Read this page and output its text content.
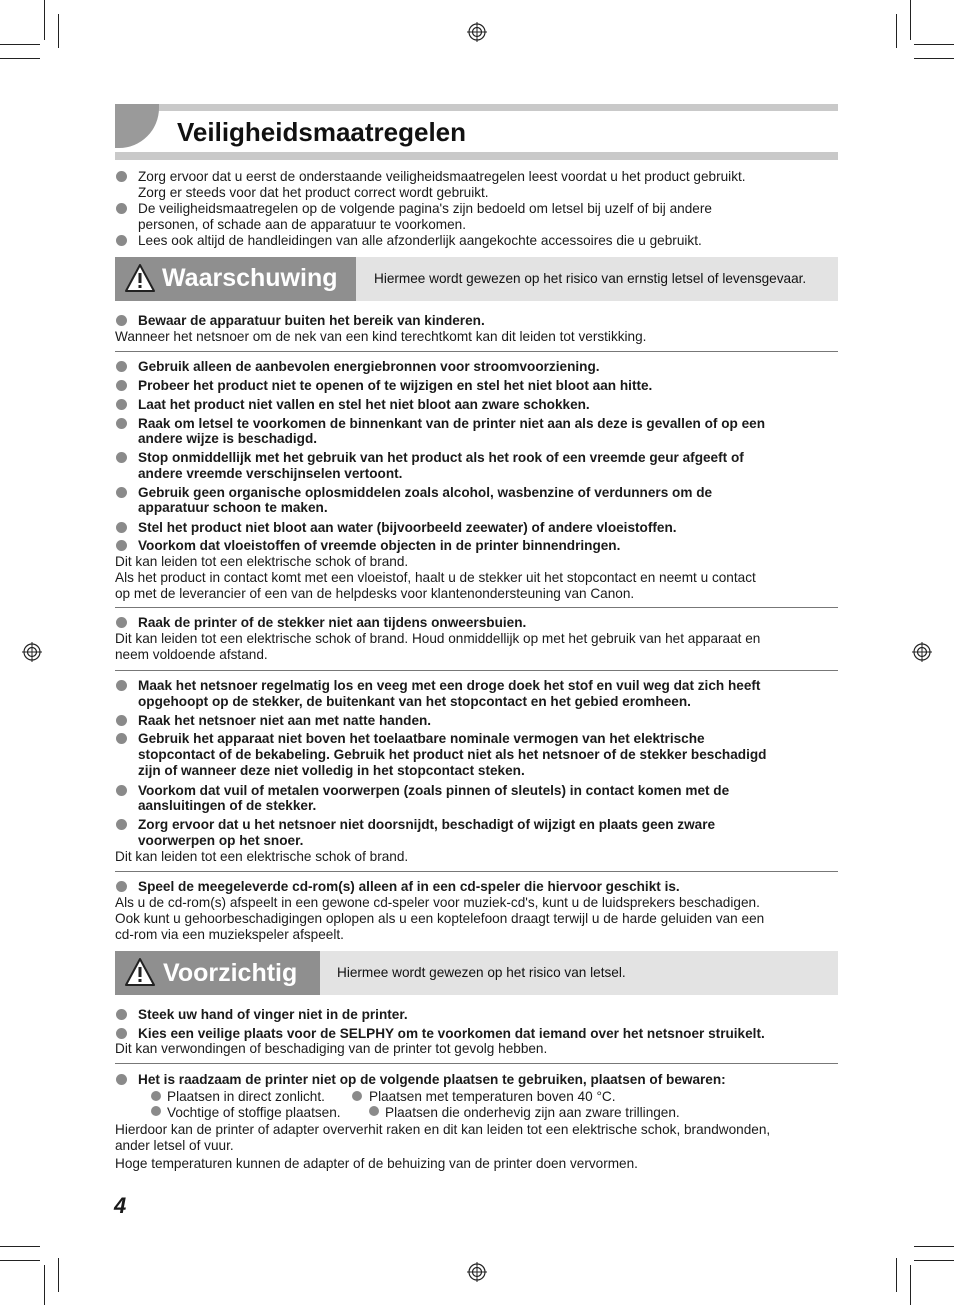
Veiligheidsmaatregelen
Zorg ervoor dat u eerst de onderstaande veiligheidsmaatregelen leest voordat u het product gebruikt.
Zorg er steeds voor dat het product correct wordt gebruikt.
De veiligheidsmaatregelen op de volgende pagina's zijn bedoeld om letsel bij uzelf of bij andere
personen, of schade aan de apparatuur te voorkomen.
Lees ook altijd de handleidingen van alle afzonderlijk aangekochte accessoires die u gebruikt.
Waarschuwing	Hiermee wordt gewezen op het risico van ernstig letsel of levensgevaar.
Bewaar de apparatuur buiten het bereik van kinderen.
Wanneer het netsnoer om de nek van een kind terechtkomt kan dit leiden tot verstikking.
Gebruik alleen de aanbevolen energiebronnen voor stroomvoorziening.
Probeer het product niet te openen of te wijzigen en stel het niet bloot aan hitte.
Laat het product niet vallen en stel het niet bloot aan zware schokken.
Raak om letsel te voorkomen de binnenkant van de printer niet aan als deze is gevallen of op een
andere wijze is beschadigd.
Stop onmiddellijk met het gebruik van het product als het rook of een vreemde geur afgeeft of
andere vreemde verschijnselen vertoont.
Gebruik geen organische oplosmiddelen zoals alcohol, wasbenzine of verdunners om de
apparatuur schoon te maken.
Stel het product niet bloot aan water (bijvoorbeeld zeewater) of andere vloeistoffen.
Voorkom dat vloeistoffen of vreemde objecten in de printer binnendringen.
Dit kan leiden tot een elektrische schok of brand.
Als het product in contact komt met een vloeistof, haalt u de stekker uit het stopcontact en neemt u contact
op met de leverancier of een van de helpdesks voor klantenondersteuning van Canon.
Raak de printer of de stekker niet aan tijdens onweersbuien.
Dit kan leiden tot een elektrische schok of brand. Houd onmiddellijk op met het gebruik van het apparaat en
neem voldoende afstand.
Maak het netsnoer regelmatig los en veeg met een droge doek het stof en vuil weg dat zich heeft
opgehoopt op de stekker, de buitenkant van het stopcontact en het gebied eromheen.
Raak het netsnoer niet aan met natte handen.
Gebruik het apparaat niet boven het toelaatbare nominale vermogen van het elektrische
stopcontact of de bekabeling. Gebruik het product niet als het netsnoer of de stekker beschadigd
zijn of wanneer deze niet volledig in het stopcontact steken.
Voorkom dat vuil of metalen voorwerpen (zoals pinnen of sleutels) in contact komen met de
aansluitingen of de stekker.
Zorg ervoor dat u het netsnoer niet doorsnijdt, beschadigt of wijzigt en plaats geen zware
voorwerpen op het snoer.
Dit kan leiden tot een elektrische schok of brand.
Speel de meegeleverde cd-rom(s) alleen af in een cd-speler die hiervoor geschikt is.
Als u de cd-rom(s) afspeelt in een gewone cd-speler voor muziek-cd's, kunt u de luidsprekers beschadigen.
Ook kunt u gehoorbeschadigingen oplopen als u een koptelefoon draagt terwijl u de harde geluiden van een
cd-rom via een muziekspeler afspeelt.
Voorzichtig	Hiermee wordt gewezen op het risico van letsel.
Steek uw hand of vinger niet in de printer.
Kies een veilige plaats voor de SELPHY om te voorkomen dat iemand over het netsnoer struikelt.
Dit kan verwondingen of beschadiging van de printer tot gevolg hebben.
Het is raadzaam de printer niet op de volgende plaatsen te gebruiken, plaatsen of bewaren:
Plaatsen in direct zonlicht.	Plaatsen met temperaturen boven 40 °C.
Vochtige of stoffige plaatsen.	Plaatsen die onderhevig zijn aan zware trillingen.
Hierdoor kan de printer of adapter oververhit raken en dit kan leiden tot een elektrische schok, brandwonden,
ander letsel of vuur.
Hoge temperaturen kunnen de adapter of de behuizing van de printer doen vervormen.
4
